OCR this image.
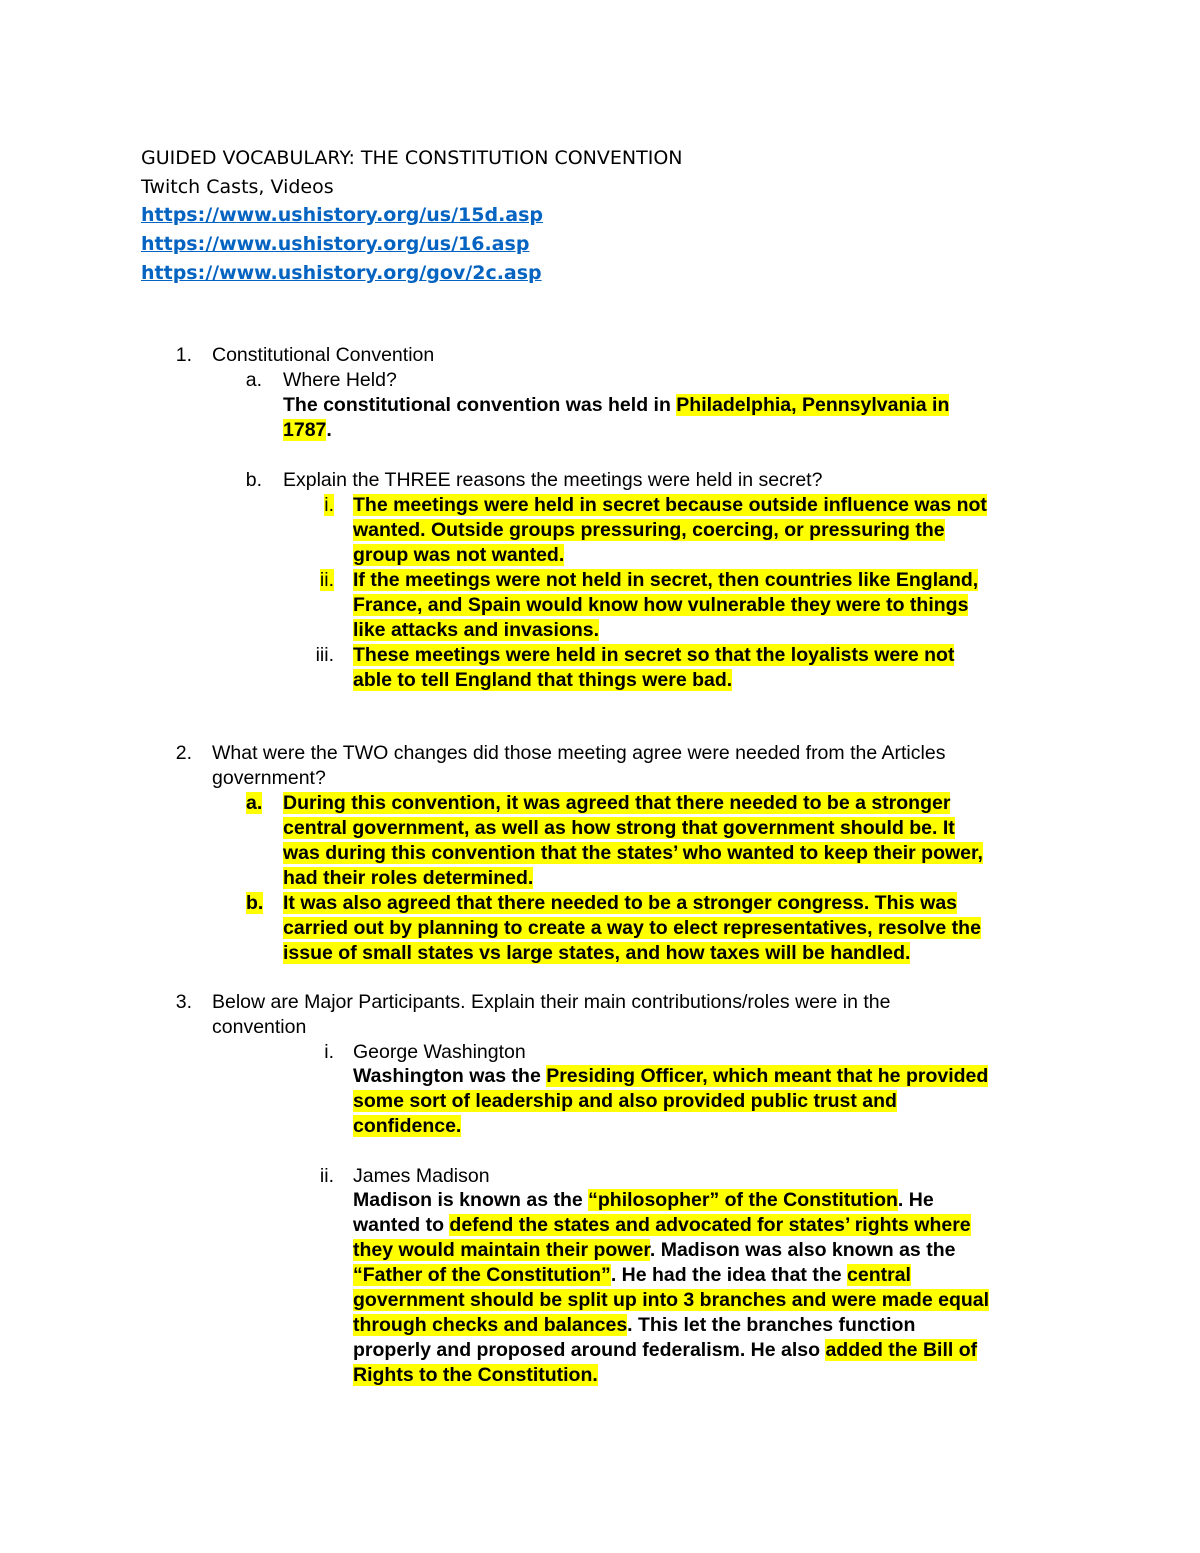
GUIDED VOCABULARY: THE CONSTITUTION CONVENTION
Twitch Casts, Videos
https://www.ushistory.org/us/15d.asp
https://www.ushistory.org/us/16.asp
https://www.ushistory.org/gov/2c.asp
1. Constitutional Convention
a. Where Held?
The constitutional convention was held in Philadelphia, Pennsylvania in
1787.
b. Explain the THREE reasons the meetings were held in secret?
i. The meetings were held in secret because outside influence was not
wanted. Outside groups pressuring, coercing, or pressuring the
group was not wanted.
ii. If the meetings were not held in secret, then countries like England,
France, and Spain would know how vulnerable they were to things
like attacks and invasions.
iii. These meetings were held in secret so that the loyalists were not
able to tell England that things were bad.
2. What were the TWO changes did those meeting agree were needed from the Articles
government?
a. During this convention, it was agreed that there needed to be a stronger
central government, as well as how strong that government should be. It
was during this convention that the states’ who wanted to keep their power,
had their roles determined.
b. It was also agreed that there needed to be a stronger congress. This was
carried out by planning to create a way to elect representatives, resolve the
issue of small states vs large states, and how taxes will be handled.
3. Below are Major Participants. Explain their main contributions/roles were in the
convention
i. George Washington
Washington was the Presiding Officer, which meant that he provided
some sort of leadership and also provided public trust and
confidence.
ii. James Madison
Madison is known as the “philosopher” of the Constitution. He
wanted to defend the states and advocated for states’ rights where
they would maintain their power. Madison was also known as the
“Father of the Constitution”. He had the idea that the central
government should be split up into 3 branches and were made equal
through checks and balances. This let the branches function
properly and proposed around federalism. He also added the Bill of
Rights to the Constitution.
